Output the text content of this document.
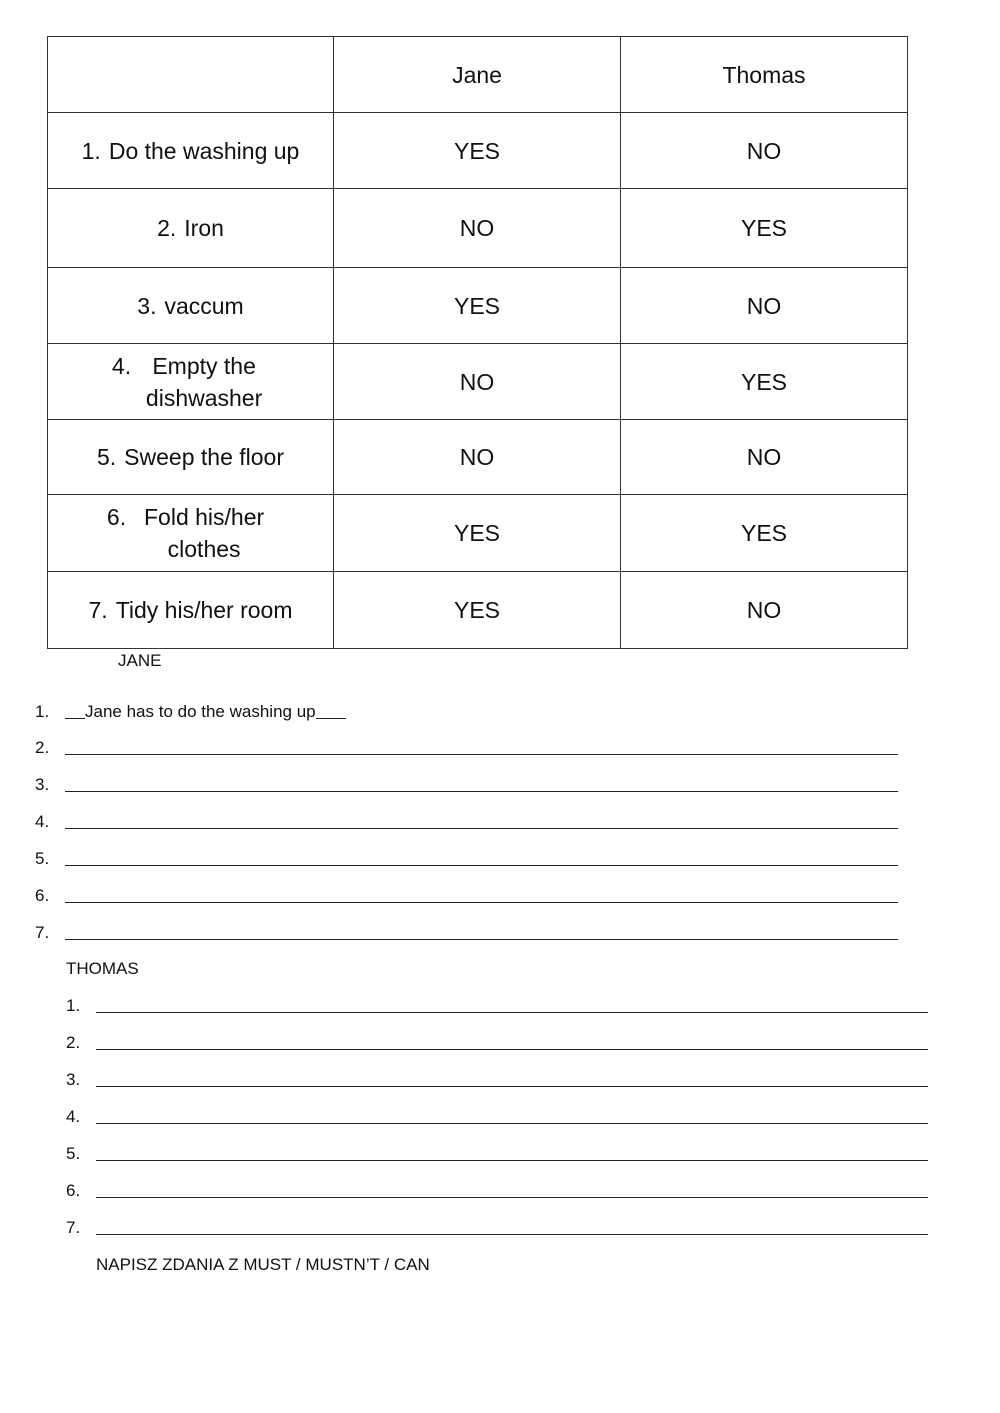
	Jane	Thomas
1. Do the washing up	YES	NO
2. Iron	NO	YES
3. vaccum	YES	NO
4. Empty the dishwasher	NO	YES
5. Sweep the floor	NO	NO
6. Fold his/her clothes	YES	YES
7. Tidy his/her room	YES	NO
JANE
1.	Jane has to do the washing up
2.
3.
4.
5.
6.
7.
THOMAS
1.
2.
3.
4.
5.
6.
7.
NAPISZ ZDANIA Z MUST / MUSTN’T / CAN
